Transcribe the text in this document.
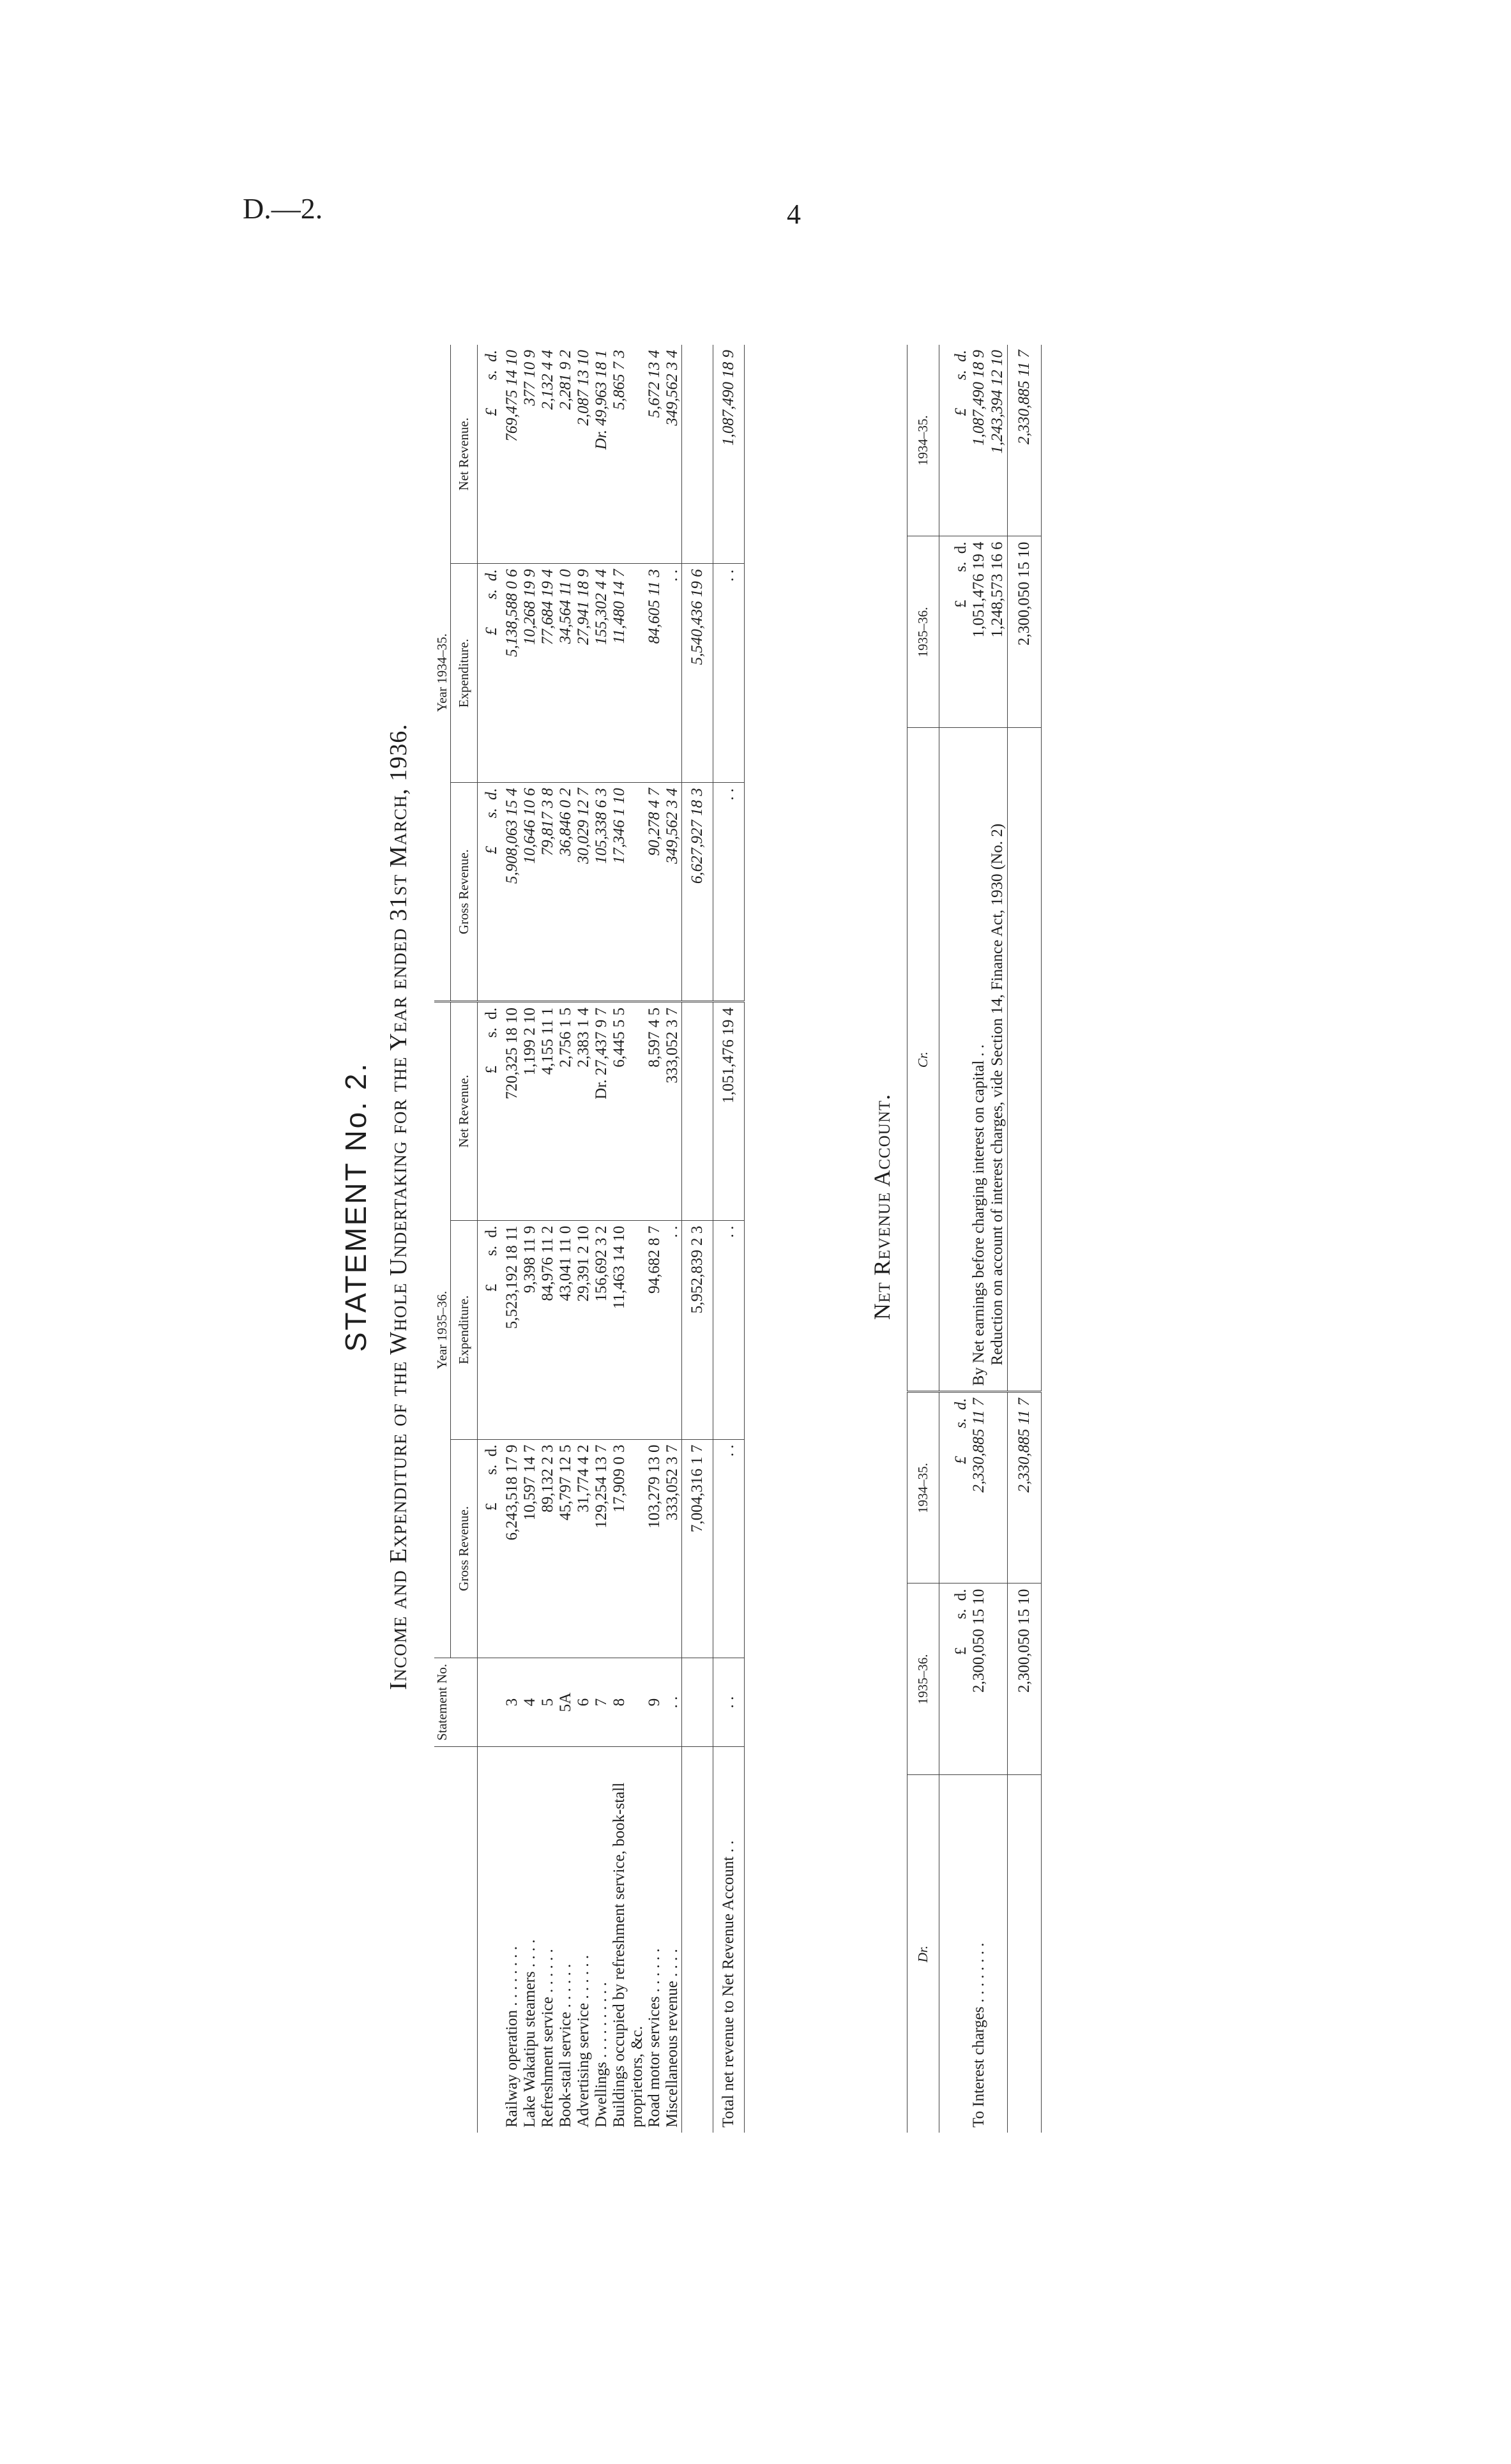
D.—2.	4
STATEMENT No. 2. Income and Expenditure of the Whole Undertaking for the Year ended 31st March, 1936.
	Statement No.	Year 1935–36.			Year 1934–35.		
		Gross Revenue.	Expenditure.	Net Revenue.	Gross Revenue.	Expenditure.	Net Revenue.
		£       s.  d.	£       s.  d.	£       s.  d.	£       s.  d.	£       s.  d.	£       s.  d.
Railway operation . . . . . . . .	3	6,243,518 17 9	5,523,192 18 11	720,325 18 10	5,908,063 15 4	5,138,588 0 6	769,475 14 10
Lake Wakatipu steamers . . . .	4	10,597 14 7	9,398 11 9	1,199 2 10	10,646 10 6	10,268 19 9	377 10 9
Refreshment service . . . . . .	5	89,132 2 3	84,976 11 2	4,155 11 1	79,817 3 8	77,684 19 4	2,132 4 4
Book-stall service . . . . . .	5A	45,797 12 5	43,041 11 0	2,756 1 5	36,846 0 2	34,564 11 0	2,281 9 2
Advertising service . . . . . .	6	31,774 4 2	29,391 2 10	2,383 1 4	30,029 12 7	27,941 18 9	2,087 13 10
Dwellings . . . . . . . . . .	7	129,254 13 7	156,692 3 2	Dr. 27,437 9 7	105,338 6 3	155,302 4 4	Dr. 49,963 18 1
Buildings occupied by refreshment service, book-stall proprietors, &c.	8	17,909 0 3	11,463 14 10	6,445 5 5	17,346 1 10	11,480 14 7	5,865 7 3
Road motor services . . . . . .	9	103,279 13 0	94,682 8 7	8,597 4 5	90,278 4 7	84,605 11 3	5,672 13 4
Miscellaneous revenue . . . .	. .	333,052 3 7	. .	333,052 3 7	349,562 3 4	. .	349,562 3 4
		7,004,316 1 7	5,952,839 2 3		6,627,927 18 3	5,540,436 19 6	
Total net revenue to Net Revenue Account . .	. .	. .	. .	1,051,476 19 4	. .	. .	1,087,490 18 9
Net Revenue Account.
Dr.	1935–36.	1934–35.	Cr.	1935–36.	1934–35.
	£       s.  d.	£       s.  d.		£       s.  d.	£       s.  d.
To Interest charges . . . . . . . .	2,300,050 15 10	2,330,885 11 7	By Net earnings before charging interest on capital . .	1,051,476 19 4	1,087,490 18 9
			Reduction on account of interest charges, vide Section 14, Finance Act, 1930 (No. 2)	1,248,573 16 6	1,243,394 12 10
	2,300,050 15 10	2,330,885 11 7		2,300,050 15 10	2,330,885 11 7
